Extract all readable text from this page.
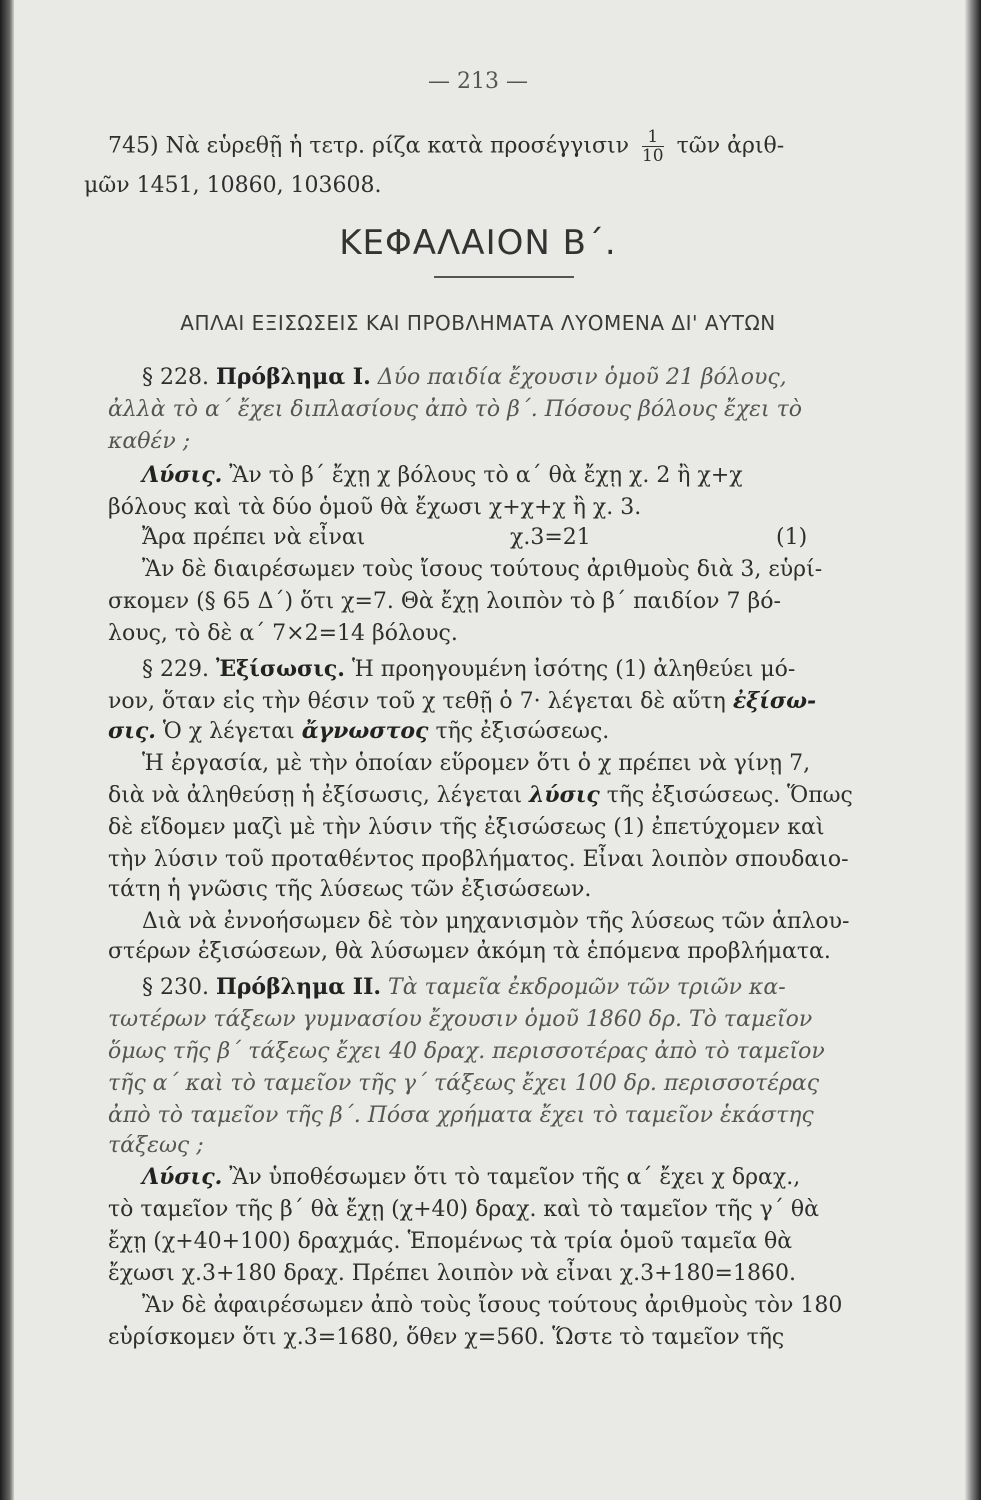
— 213 —
745) Νὰ εὑρεθῇ ἡ τετρ. ρίζα κατὰ προσέγγισιν $\frac{1}{10}$ τῶν ἀριθ-
μῶν 1451, 10860, 103608.
ΚΕΦΑΛΑΙΟΝ Β΄.
ΑΠΛΑΙ ΕΞΙΣΩΣΕΙΣ ΚΑΙ ΠΡΟΒΛΗΜΑΤΑ ΛΥΟΜΕΝΑ ΔΙ' ΑΥΤΩΝ
§ 228. Πρόβλημα Ι. Δύο παιδία ἔχουσιν ὁμοῦ 21 βόλους,
ἀλλὰ τὸ α΄ ἔχει διπλασίους ἀπὸ τὸ β΄. Πόσους βόλους ἔχει τὸ
καθέν ;
Λύσις. Ἂν τὸ β΄ ἔχῃ χ βόλους τὸ α΄ θὰ ἔχῃ χ. 2 ἢ χ+χ
βόλους καὶ τὰ δύο ὁμοῦ θὰ ἔχωσι χ+χ+χ ἢ χ. 3.
Ἄρα πρέπει νὰ εἶναι	χ.3=21	(1)
Ἂν δὲ διαιρέσωμεν τοὺς ἴσους τούτους ἀριθμοὺς διὰ 3, εὑρί-
σκομεν (§ 65 Δ΄) ὅτι χ=7. Θὰ ἔχῃ λοιπὸν τὸ β΄ παιδίον 7 βό-
λους, τὸ δὲ α΄ 7×2=14 βόλους.
§ 229. Ἐξίσωσις. Ἡ προηγουμένη ἰσότης (1) ἀληθεύει μό-
νον, ὅταν εἰς τὴν θέσιν τοῦ χ τεθῇ ὁ 7· λέγεται δὲ αὕτη ἐξίσω-
σις. Ὁ χ λέγεται ἄγνωστος τῆς ἐξισώσεως.
Ἡ ἐργασία, μὲ τὴν ὁποίαν εὕρομεν ὅτι ὁ χ πρέπει νὰ γίνῃ 7,
διὰ νὰ ἀληθεύσῃ ἡ ἐξίσωσις, λέγεται λύσις τῆς ἐξισώσεως. Ὅπως
δὲ εἴδομεν μαζὶ μὲ τὴν λύσιν τῆς ἐξισώσεως (1) ἐπετύχομεν καὶ
τὴν λύσιν τοῦ προταθέντος προβλήματος. Εἶναι λοιπὸν σπουδαιο-
τάτη ἡ γνῶσις τῆς λύσεως τῶν ἐξισώσεων.
Διὰ νὰ ἐννοήσωμεν δὲ τὸν μηχανισμὸν τῆς λύσεως τῶν ἁπλου-
στέρων ἐξισώσεων, θὰ λύσωμεν ἀκόμη τὰ ἑπόμενα προβλήματα.
§ 230. Πρόβλημα ΙΙ. Τὰ ταμεῖα ἐκδρομῶν τῶν τριῶν κα-
τωτέρων τάξεων γυμνασίου ἔχουσιν ὁμοῦ 1860 δρ. Τὸ ταμεῖον
ὅμως τῆς β΄ τάξεως ἔχει 40 δραχ. περισσοτέρας ἀπὸ τὸ ταμεῖον
τῆς α΄ καὶ τὸ ταμεῖον τῆς γ΄ τάξεως ἔχει 100 δρ. περισσοτέρας
ἀπὸ τὸ ταμεῖον τῆς β΄. Πόσα χρήματα ἔχει τὸ ταμεῖον ἑκάστης
τάξεως ;
Λύσις. Ἂν ὑποθέσωμεν ὅτι τὸ ταμεῖον τῆς α΄ ἔχει χ δραχ.,
τὸ ταμεῖον τῆς β΄ θὰ ἔχῃ (χ+40) δραχ. καὶ τὸ ταμεῖον τῆς γ΄ θὰ
ἔχῃ (χ+40+100) δραχμάς. Ἑπομένως τὰ τρία ὁμοῦ ταμεῖα θὰ
ἔχωσι χ.3+180 δραχ. Πρέπει λοιπὸν νὰ εἶναι χ.3+180=1860.
Ἂν δὲ ἀφαιρέσωμεν ἀπὸ τοὺς ἴσους τούτους ἀριθμοὺς τὸν 180
εὑρίσκομεν ὅτι χ.3=1680, ὅθεν χ=560. Ὥστε τὸ ταμεῖον τῆς
